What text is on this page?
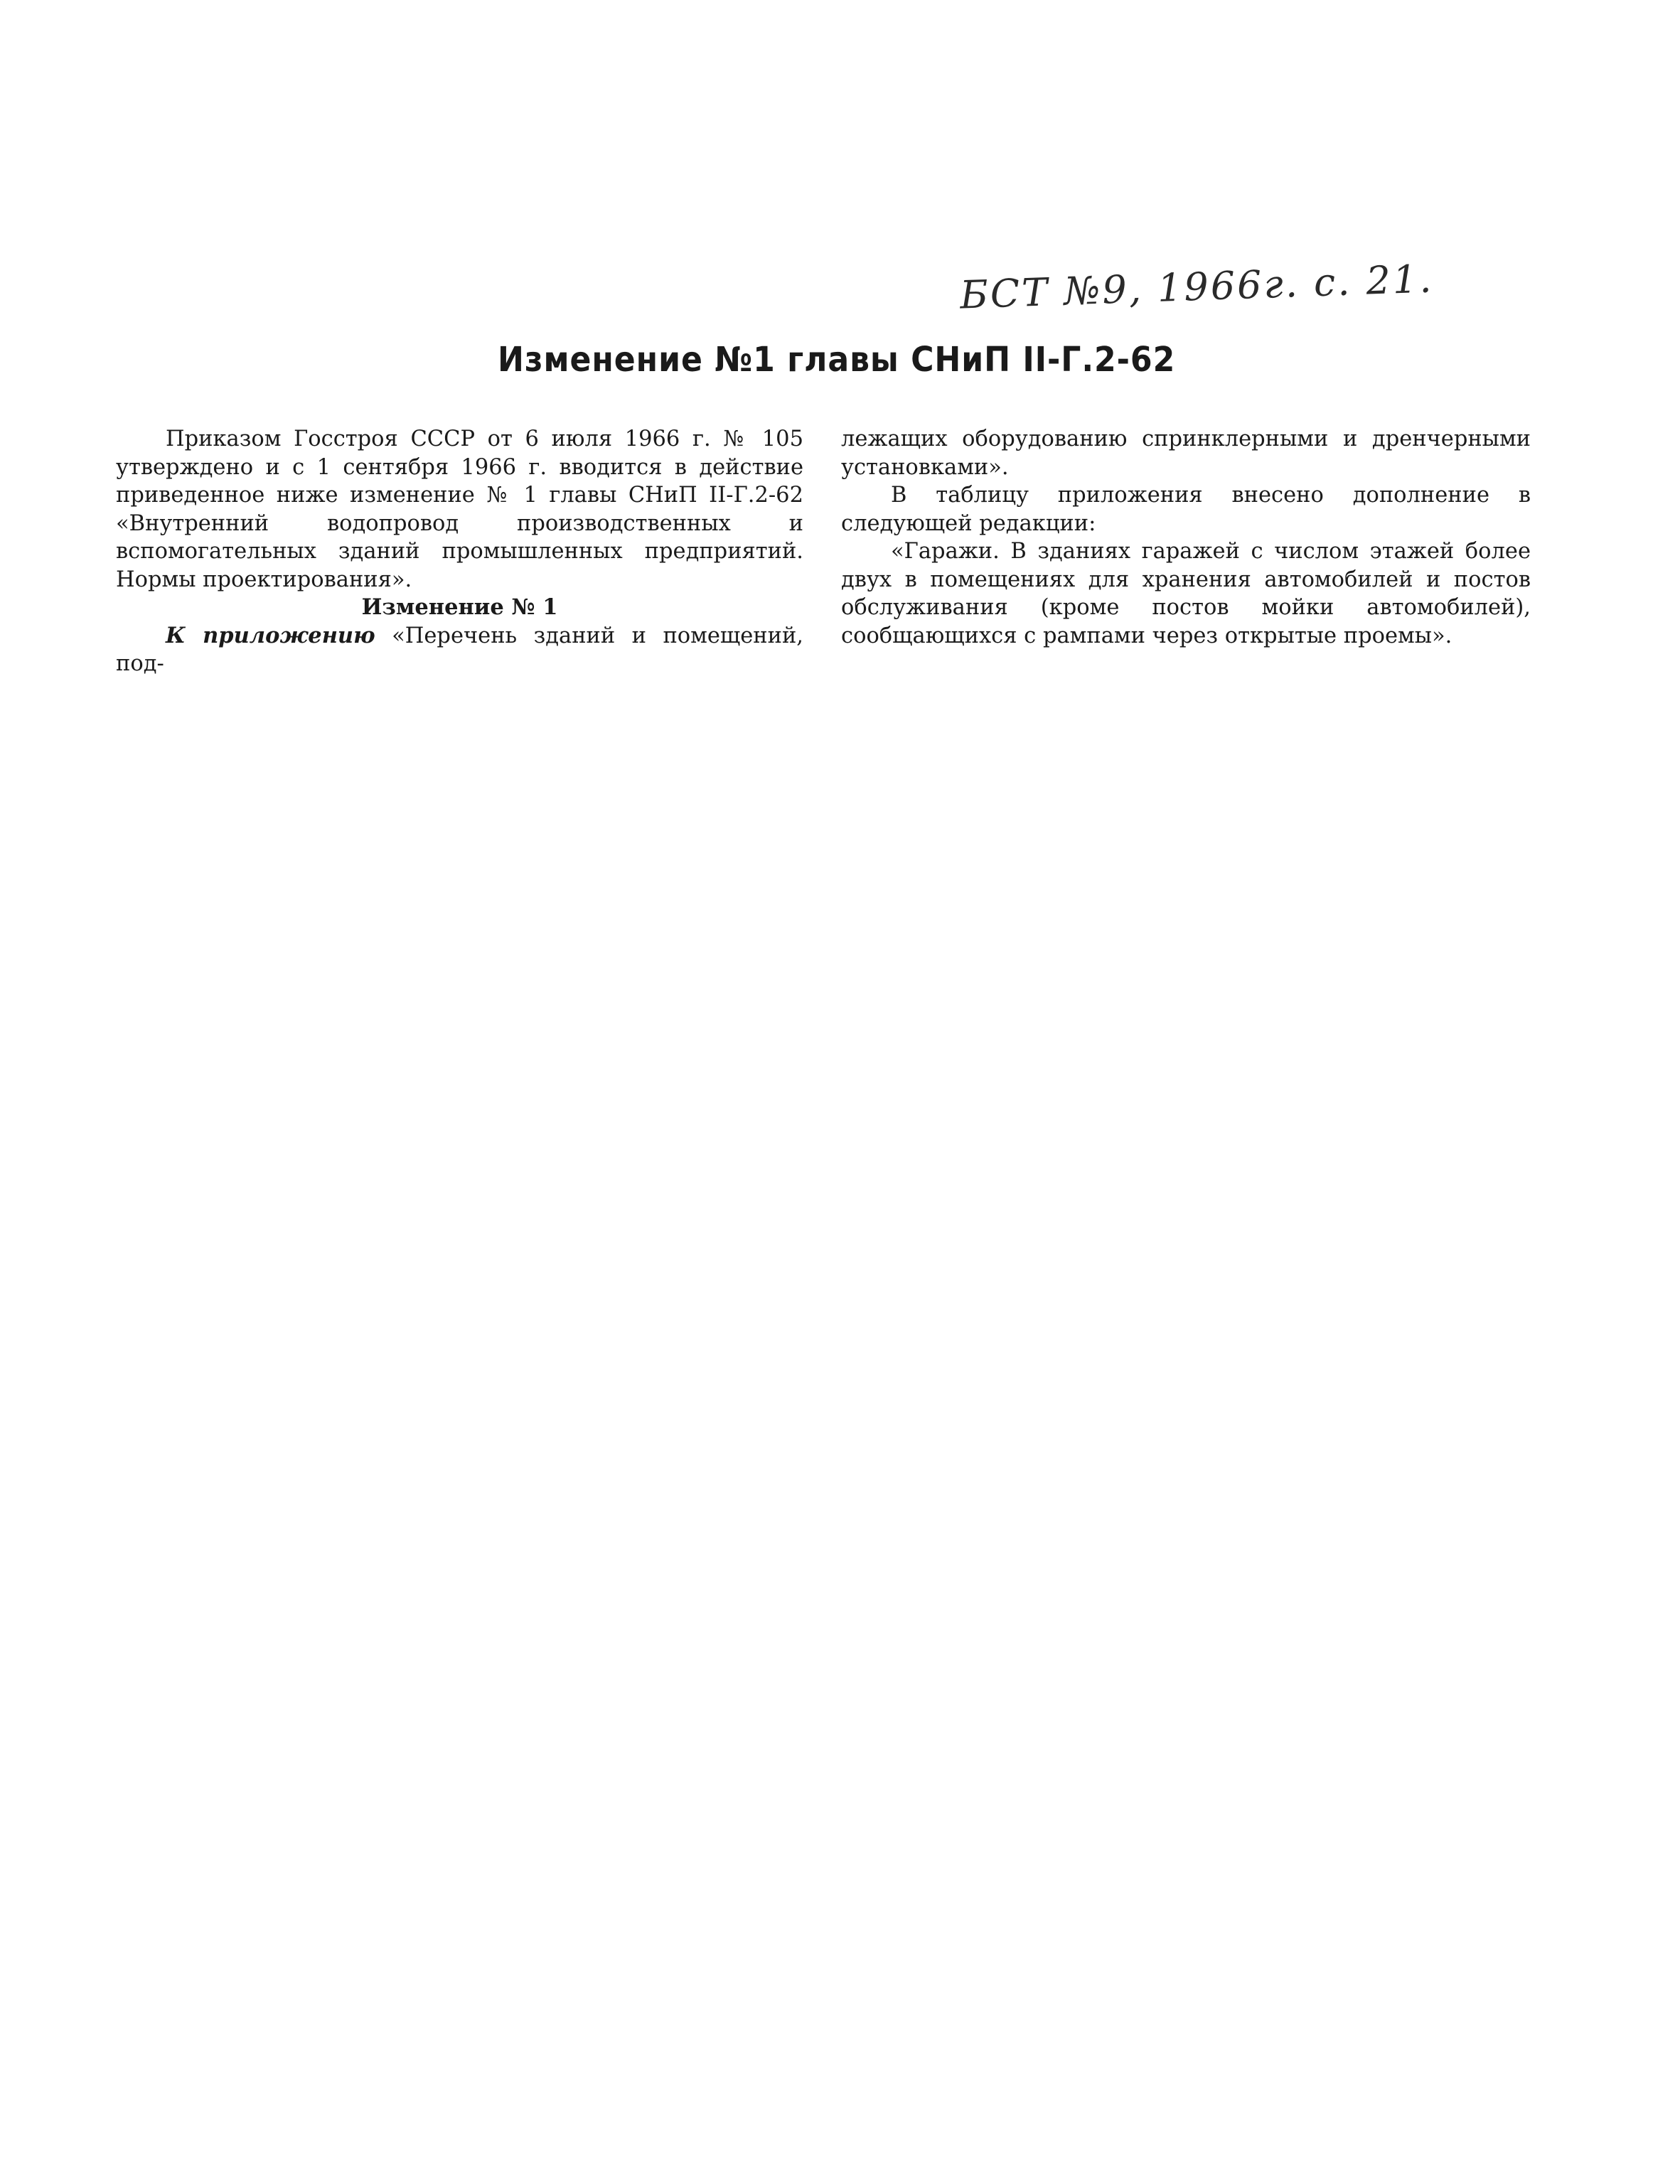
БСТ №9, 1966г. с. 21.
Изменение №1 главы СНиП II-Г.2-62

Приказом Госстроя СССР от 6 июля 1966 г. № 105 утверждено и с 1 сентября 1966 г. вводится в действие приведенное ниже изменение № 1 главы СНиП II-Г.2-62 «Внутренний водопровод производственных и вспомогательных зданий промышленных предприятий. Нормы проектирования».

Изменение № 1

К приложению «Перечень зданий и помещений, под-

лежащих оборудованию спринклерными и дренчерными установками».

В таблицу приложения внесено дополнение в следующей редакции:

«Гаражи. В зданиях гаражей с числом этажей более двух в помещениях для хранения автомобилей и постов обслуживания (кроме постов мойки автомобилей), сообщающихся с рампами через открытые проемы».
